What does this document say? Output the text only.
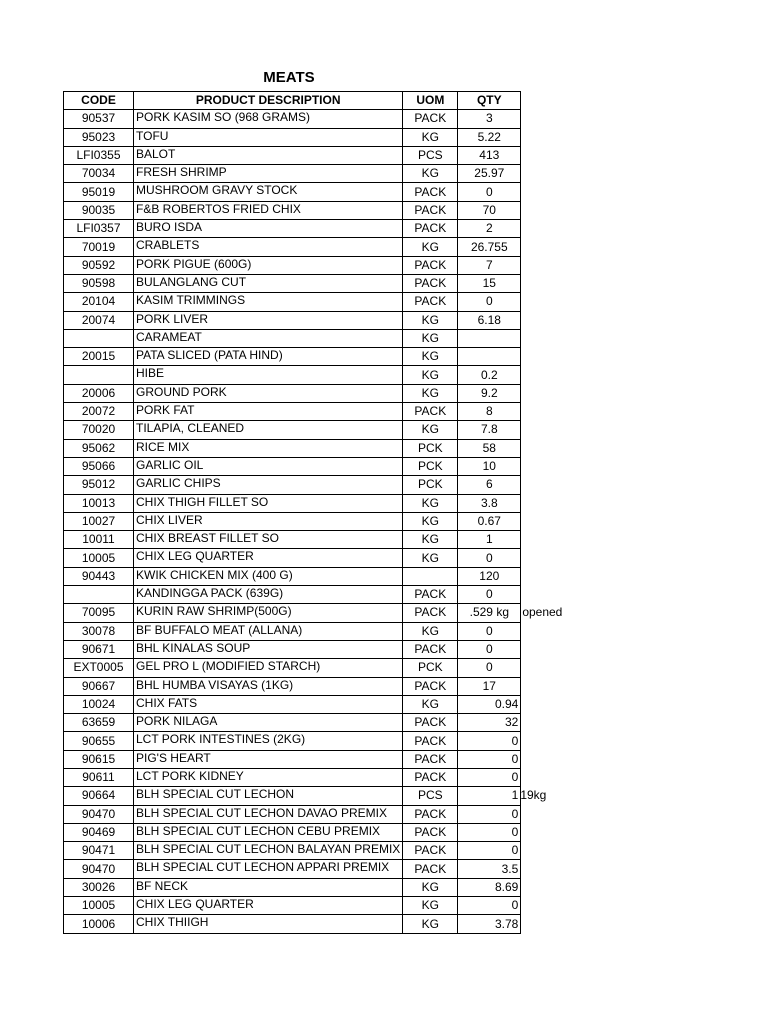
MEATS
CODE	PRODUCT DESCRIPTION	UOM	QTY
90537	PORK KASIM SO (968 GRAMS)	PACK	3
95023	TOFU	KG	5.22
LFI0355	BALOT	PCS	413
70034	FRESH SHRIMP	KG	25.97
95019	MUSHROOM GRAVY STOCK	PACK	0
90035	F&B ROBERTOS FRIED CHIX	PACK	70
LFI0357	BURO ISDA	PACK	2
70019	CRABLETS	KG	26.755
90592	PORK PIGUE (600G)	PACK	7
90598	BULANGLANG CUT	PACK	15
20104	KASIM TRIMMINGS	PACK	0
20074	PORK LIVER	KG	6.18
	CARAMEAT	KG	
20015	PATA SLICED (PATA HIND)	KG	
	HIBE	KG	0.2
20006	GROUND PORK	KG	9.2
20072	PORK FAT	PACK	8
70020	TILAPIA, CLEANED	KG	7.8
95062	RICE MIX	PCK	58
95066	GARLIC OIL	PCK	10
95012	GARLIC CHIPS	PCK	6
10013	CHIX THIGH FILLET SO	KG	3.8
10027	CHIX LIVER	KG	0.67
10011	CHIX BREAST FILLET SO	KG	1
10005	CHIX LEG QUARTER	KG	0
90443	KWIK CHICKEN MIX (400 G)		120
	KANDINGGA PACK (639G)	PACK	0
70095	KURIN RAW SHRIMP(500G)	PACK	.529 kg opened

30078	BF BUFFALO MEAT (ALLANA)	KG	0
90671	BHL KINALAS SOUP	PACK	0
EXT0005	GEL PRO L (MODIFIED STARCH)	PCK	0
90667	BHL HUMBA VISAYAS (1KG)	PACK	17
10024	CHIX FATS	KG	0.94
63659	PORK NILAGA	PACK	32
90655	LCT PORK INTESTINES (2KG)	PACK	0
90615	PIG'S HEART	PACK	0
90611	LCT PORK KIDNEY	PACK	0
90664	BLH SPECIAL CUT LECHON	PCS	1 19kg

90470	BLH SPECIAL CUT LECHON DAVAO PREMIX	PACK	0
90469	BLH SPECIAL CUT LECHON CEBU PREMIX	PACK	0
90471	BLH SPECIAL CUT LECHON BALAYAN PREMIX	PACK	0
90470	BLH SPECIAL CUT LECHON APPARI PREMIX	PACK	3.5
30026	BF NECK	KG	8.69
10005	CHIX LEG QUARTER	KG	0
10006	CHIX THIIGH	KG	3.78
